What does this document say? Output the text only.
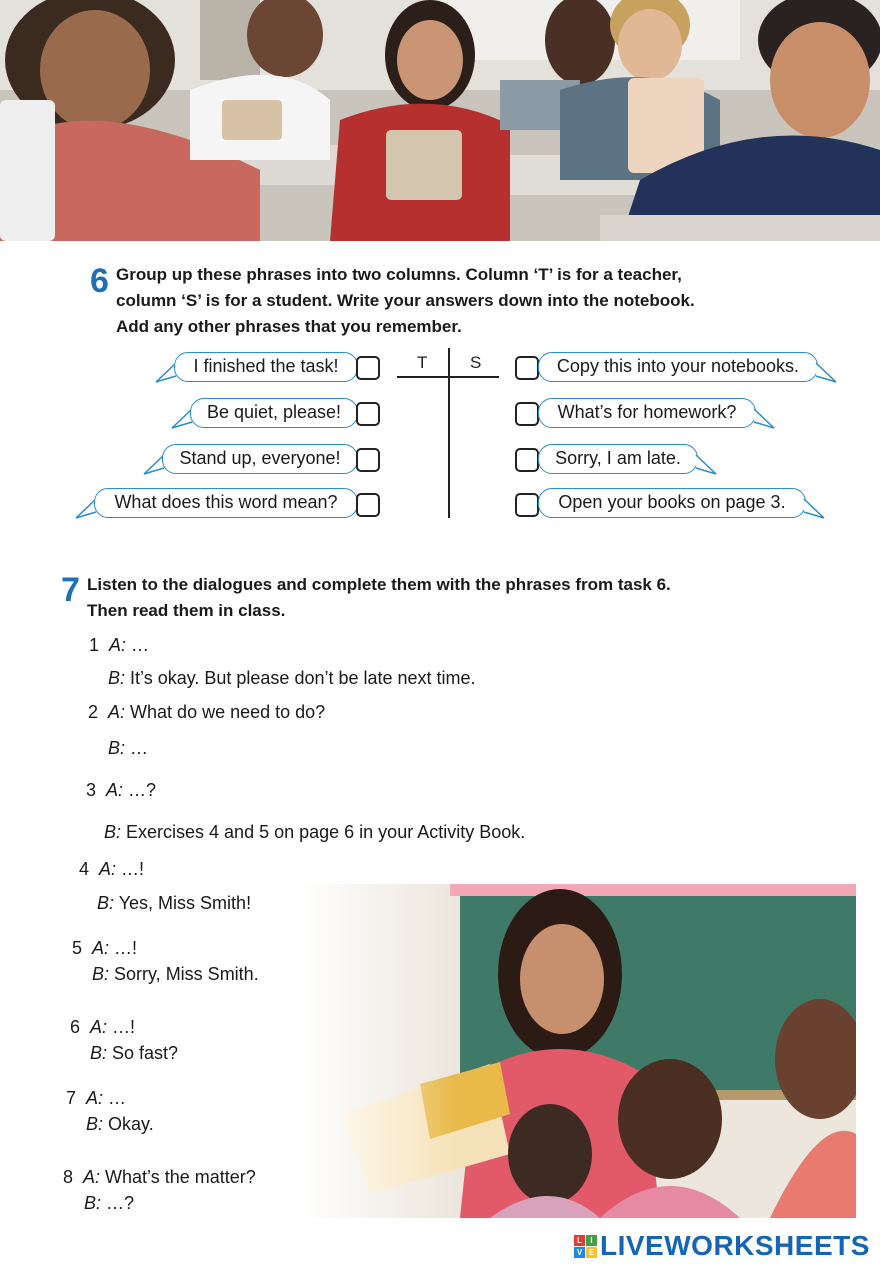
6 Group up these phrases into two columns. Column ‘T’ is for a teacher,
column ‘S’ is for a student. Write your answers down into the notebook.
Add any other phrases that you remember.
T	S
I finished the task!
Be quiet, please!
Stand up, everyone!
What does this word mean?
Copy this into your notebooks.
What’s for homework?
Sorry, I am late.
Open your books on page 3.
7 Listen to the dialogues and complete them with the phrases from task 6.
Then read them in class.
1 A: …
B: It’s okay. But please don’t be late next time.
2 A: What do we need to do?
B: …
3 A: …?
B: Exercises 4 and 5 on page 6 in your Activity Book.
4 A: …!
B: Yes, Miss Smith!
5 A: …!
B: Sorry, Miss Smith.
6 A: …!
B: So fast?
7 A: …
B: Okay.
8 A: What’s the matter?
B: …?
L	I
V E LIVEWORKSHEETS
